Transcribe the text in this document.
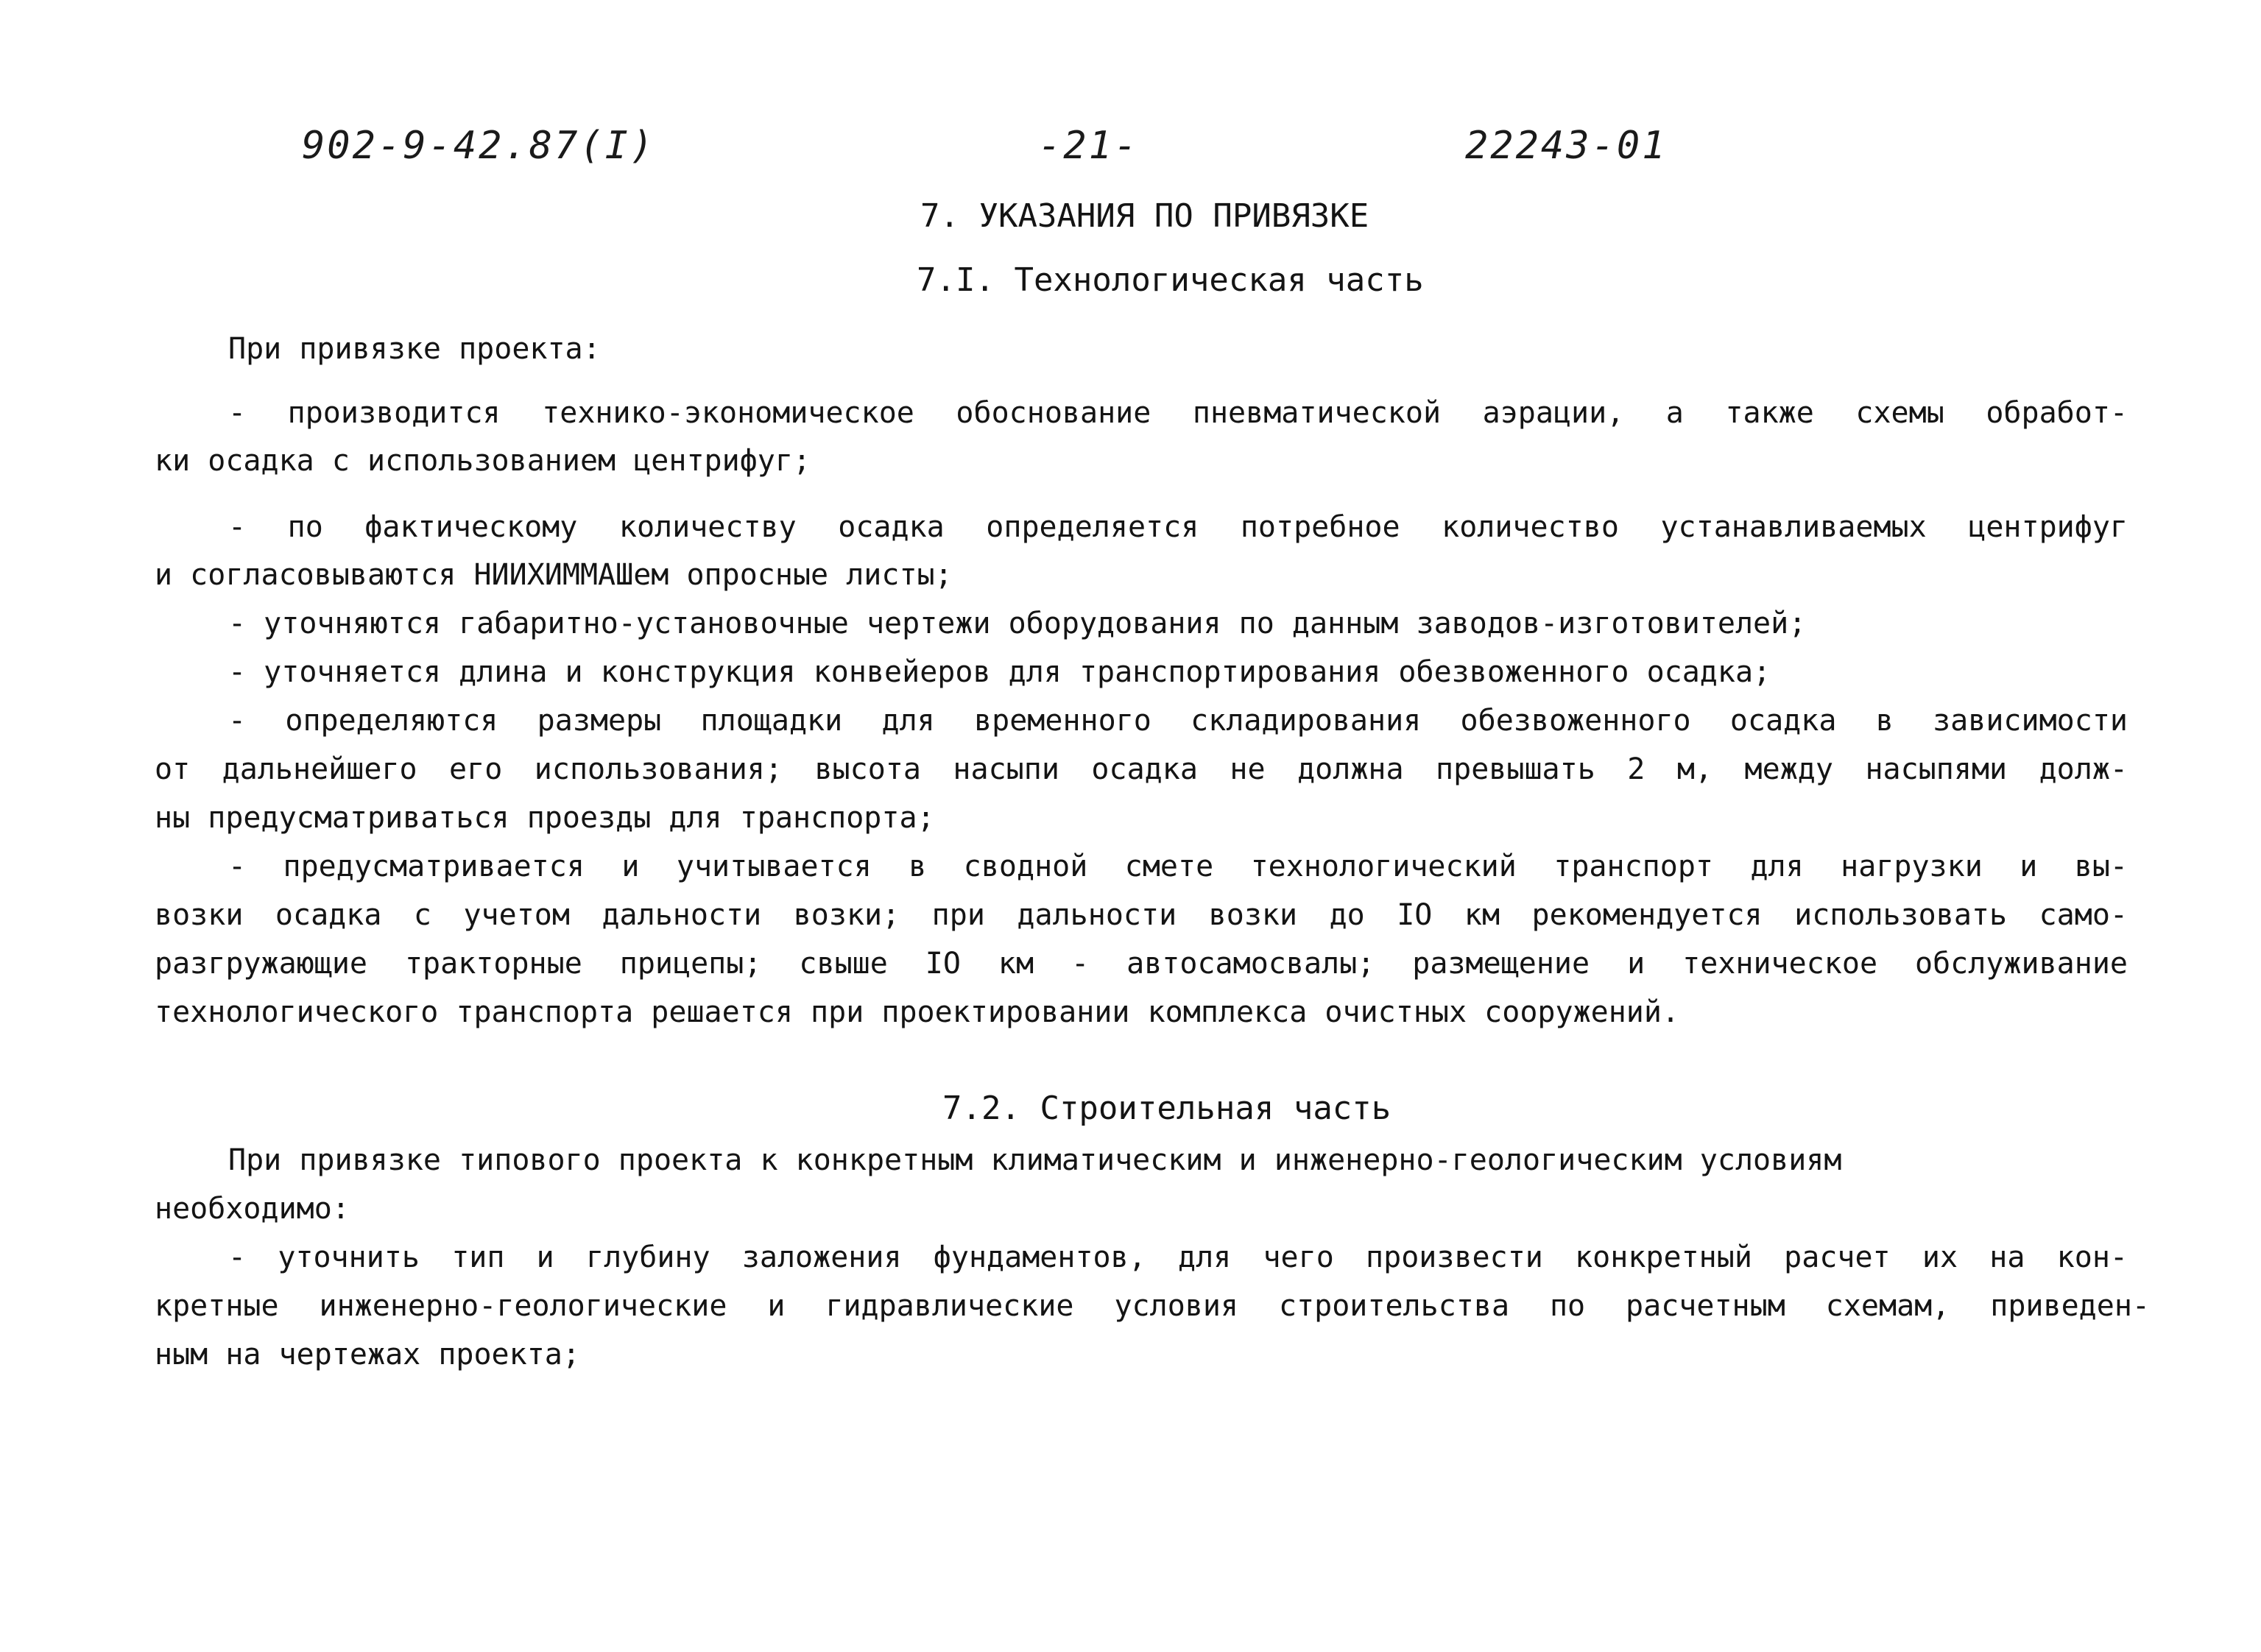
902-9-42.87(I)	-21-	22243-01
7. УКАЗАНИЯ ПО ПРИВЯЗКЕ
7.I. Технологическая часть
При привязке проекта:
- производится технико-экономическое обоснование пневматической аэрации, а также схемы обработ-
ки осадка с использованием центрифуг;
- по фактическому количеству осадка определяется потребное количество устанавливаемых центрифуг
и согласовываются НИИХИММАШем опросные листы;
- уточняются габаритно-установочные чертежи оборудования по данным заводов-изготовителей;
- уточняется длина и конструкция конвейеров для транспортирования обезвоженного осадка;
- определяются размеры площадки для временного складирования обезвоженного осадка в зависимости
от дальнейшего его использования; высота насыпи осадка не должна превышать 2 м, между насыпями долж-
ны предусматриваться проезды для транспорта;
- предусматривается и учитывается в сводной смете технологический транспорт для нагрузки и вы-
возки осадка с учетом дальности возки; при дальности возки до IO км рекомендуется использовать само-
разгружающие тракторные прицепы; свыше IO км - автосамосвалы; размещение и техническое обслуживание
технологического транспорта решается при проектировании комплекса очистных сооружений.
7.2. Строительная часть
При привязке типового проекта к конкретным климатическим и инженерно-геологическим условиям
необходимо:
- уточнить тип и глубину заложения фундаментов, для чего произвести конкретный расчет их на кон-
кретные инженерно-геологические и гидравлические условия строительства по расчетным схемам, приведен-
ным на чертежах проекта;
